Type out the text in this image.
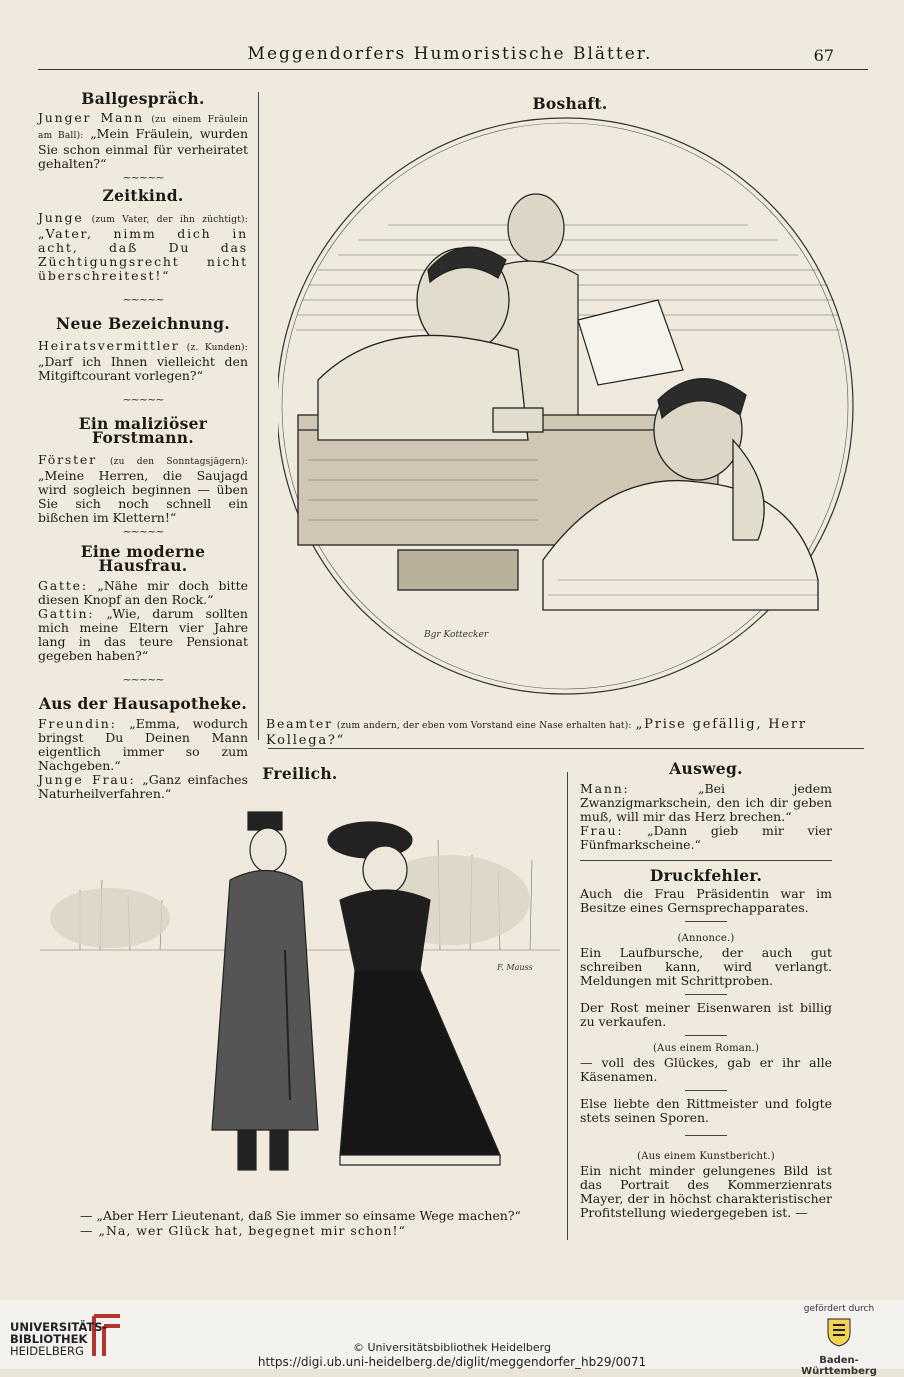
Meggendorfers Humoristische Blätter.	67

Ballgespräch.

Junger Mann (zu einem Fräulein am Ball): „Mein Fräulein, wurden Sie schon einmal für verheiratet gehalten?“

~~~~~

Zeitkind.

Junge (zum Vater, der ihn züchtigt): „Vater, nimm dich in acht, daß Du das Züchtigungsrecht nicht überschreitest!“

~~~~~

Neue Bezeichnung.

Heiratsvermittler (z. Kunden): „Darf ich Ihnen vielleicht den Mitgiftcourant vorlegen?“

~~~~~

Ein maliziöser Forstmann.

Förster (zu den Sonntagsjägern): „Meine Herren, die Saujagd wird sogleich beginnen — üben Sie sich noch schnell ein bißchen im Klettern!“

~~~~~

Eine moderne Hausfrau.

Gatte: „Nähe mir doch bitte diesen Knopf an den Rock.“

Gattin: „Wie, darum sollten mich meine Eltern vier Jahre lang in das teure Pensionat gegeben haben?“

~~~~~

Aus der Hausapotheke.

Freundin: „Emma, wodurch bringst Du Deinen Mann eigentlich immer so zum Nachgeben.“

Junge Frau: „Ganz einfaches Naturheilverfahren.“

Boshaft.
Bgr Kottecker
Beamter (zum andern, der eben vom Vorstand eine Nase erhalten hat): „Prise gefällig, Herr Kollega?“
Freilich.
F. Mauss
— „Aber Herr Lieutenant, daß Sie immer so einsame Wege machen?“
— „Na, wer Glück hat, begegnet mir schon!“

Ausweg.

Mann:	„Bei jedem Zwanzigmarkschein, den ich dir geben muß, will mir das Herz brechen.“

Frau: „Dann gieb mir vier Fünfmarkscheine.“

Druckfehler.

Auch die Frau Präsidentin war im Besitze eines Gernsprechapparates.

(Annonce.)

Ein Laufbursche, der auch gut schreiben kann, wird verlangt. Meldungen mit Schrittproben.

Der Rost meiner Eisenwaren ist billig zu verkaufen.

(Aus einem Roman.)

— voll des Glückes, gab er ihr alle Käsenamen.

Else liebte den Rittmeister und folgte stets seinen Sporen.

(Aus einem Kunstbericht.)

Ein nicht minder gelungenes Bild ist das Portrait des Kommerzienrats Mayer, der in höchst charakteristischer Profitstellung wiedergegeben ist. —

UNIVERSITÄTS-
BIBLIOTHEK
HEIDELBERG	© Universitätsbibliothek Heidelberg
https://digi.ub.uni-heidelberg.de/diglit/meggendorfer_hb29/0071
gefördert durch
Baden-Württemberg
